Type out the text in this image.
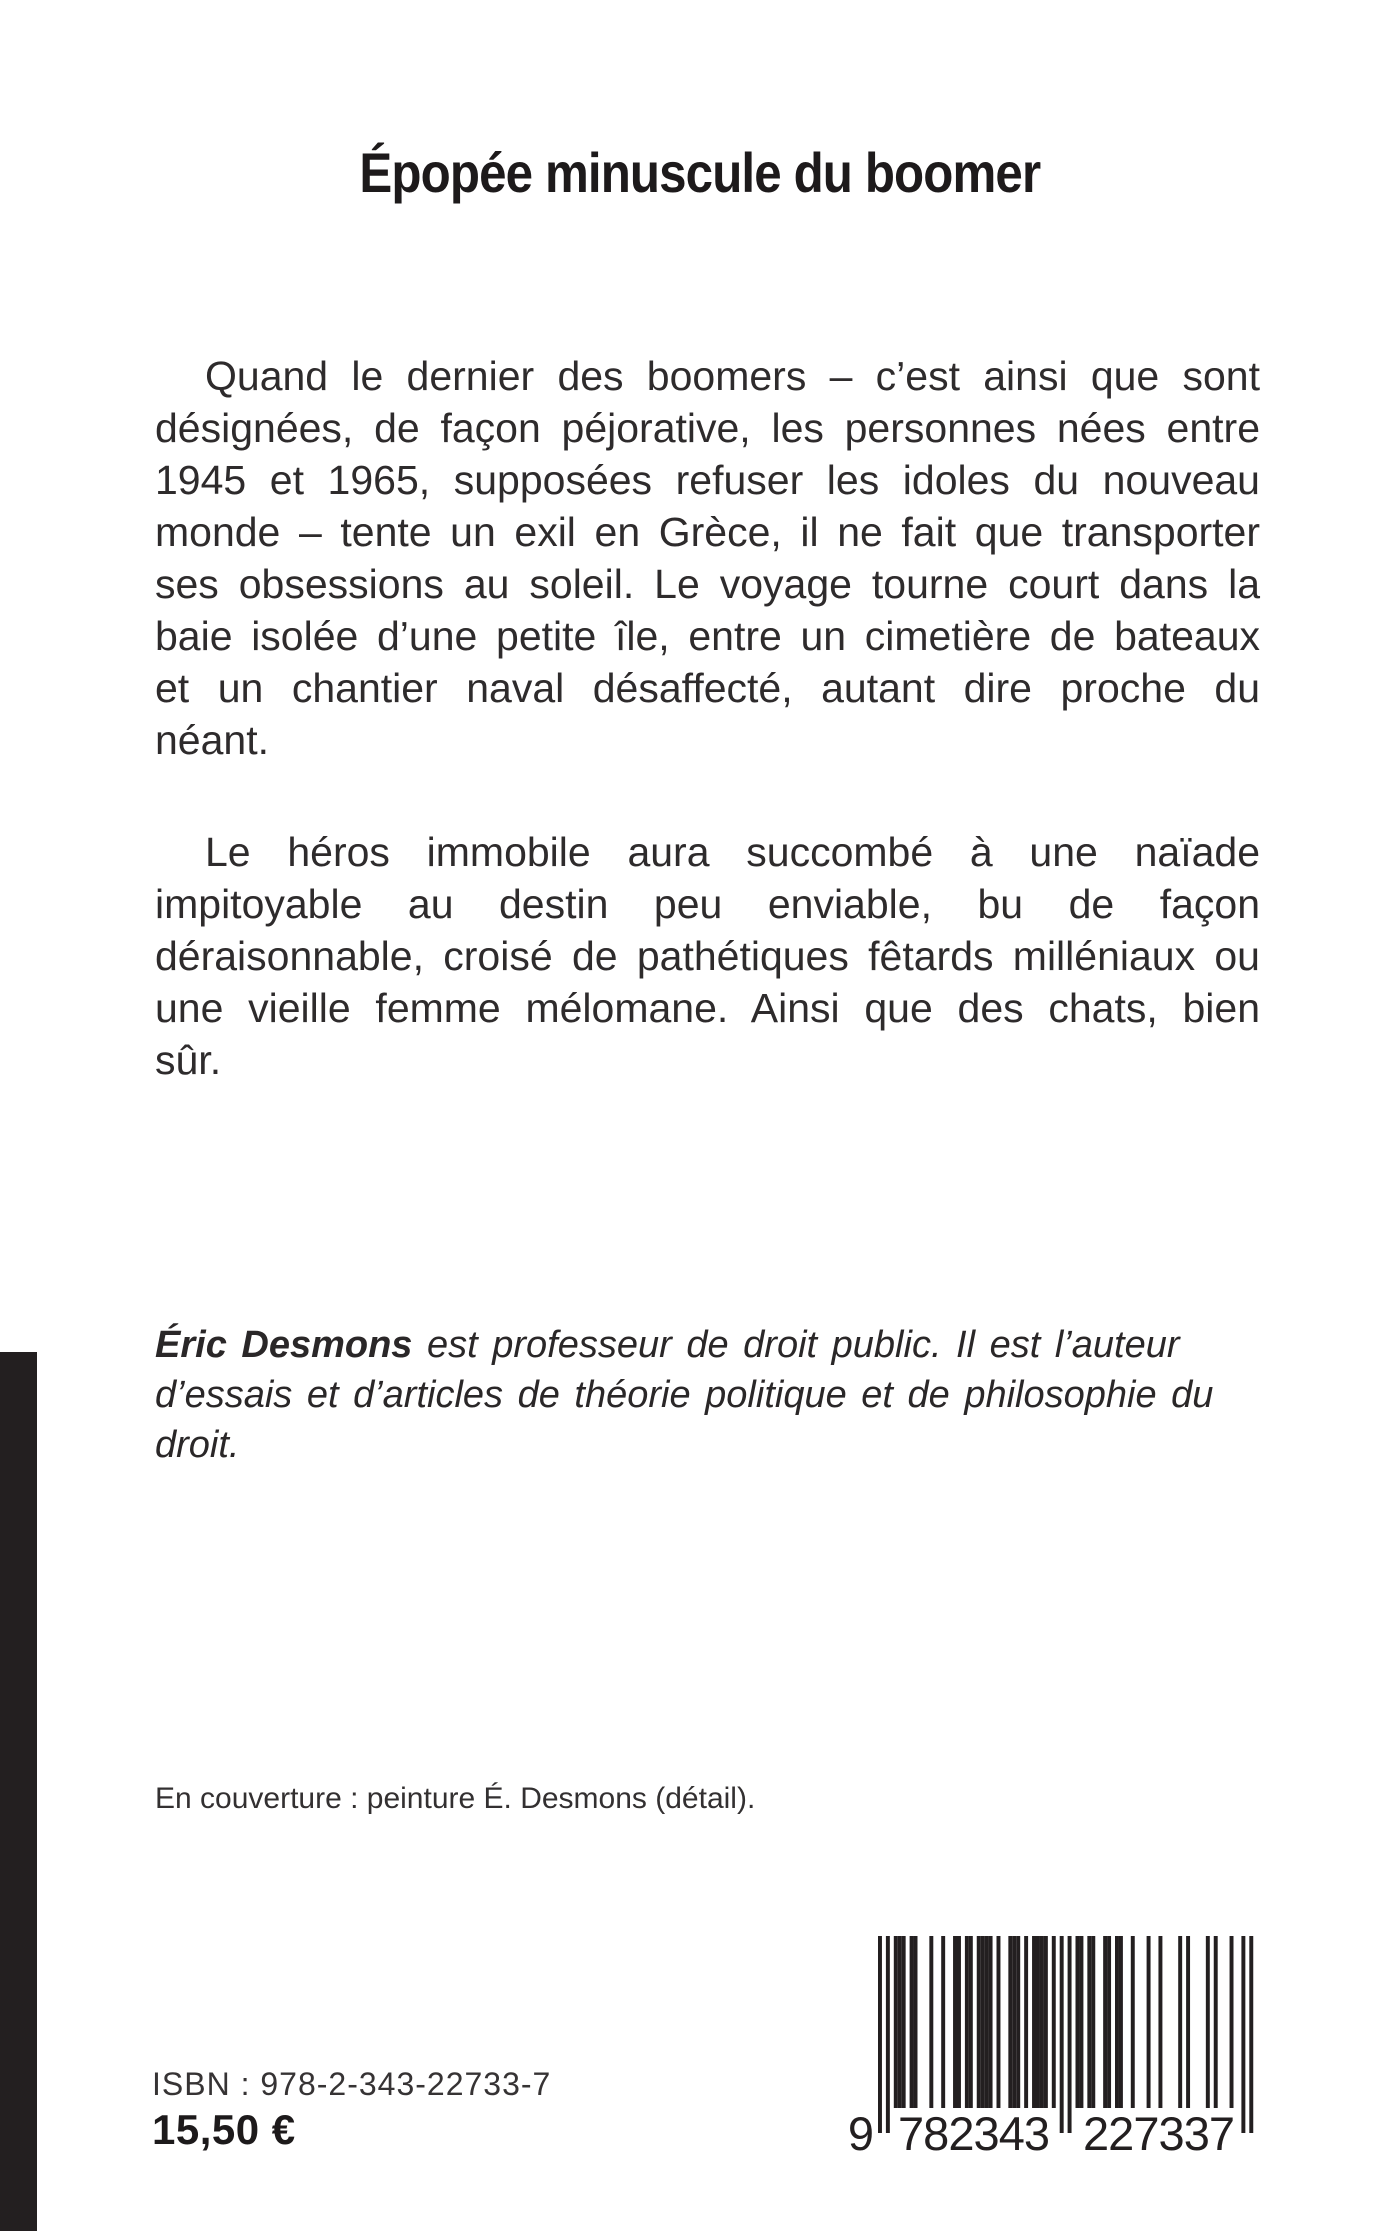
Épopée minuscule du boomer

Quand le dernier des boomers – c’est ainsi que sont désignées, de façon péjorative, les personnes nées entre 1945 et 1965, supposées refuser les idoles du nouveau monde – tente un exil en Grèce, il ne fait que transporter ses obsessions au soleil. Le voyage tourne court dans la baie isolée d’une petite île, entre un cimetière de bateaux et un chantier naval désaffecté, autant dire proche du néant.

Le héros immobile aura succombé à une naïade impitoyable au destin peu enviable, bu de façon déraisonnable, croisé de pathétiques fêtards milléniaux ou une vieille femme mélomane. Ainsi que des chats, bien sûr.

Éric Desmons est professeur de droit public. Il est l’auteur d’essais et d’articles de théorie politique et de philosophie du droit.
En couverture : peinture É. Desmons (détail).
ISBN : 978-2-343-22733-7
15,50 €	9 782343 227337
